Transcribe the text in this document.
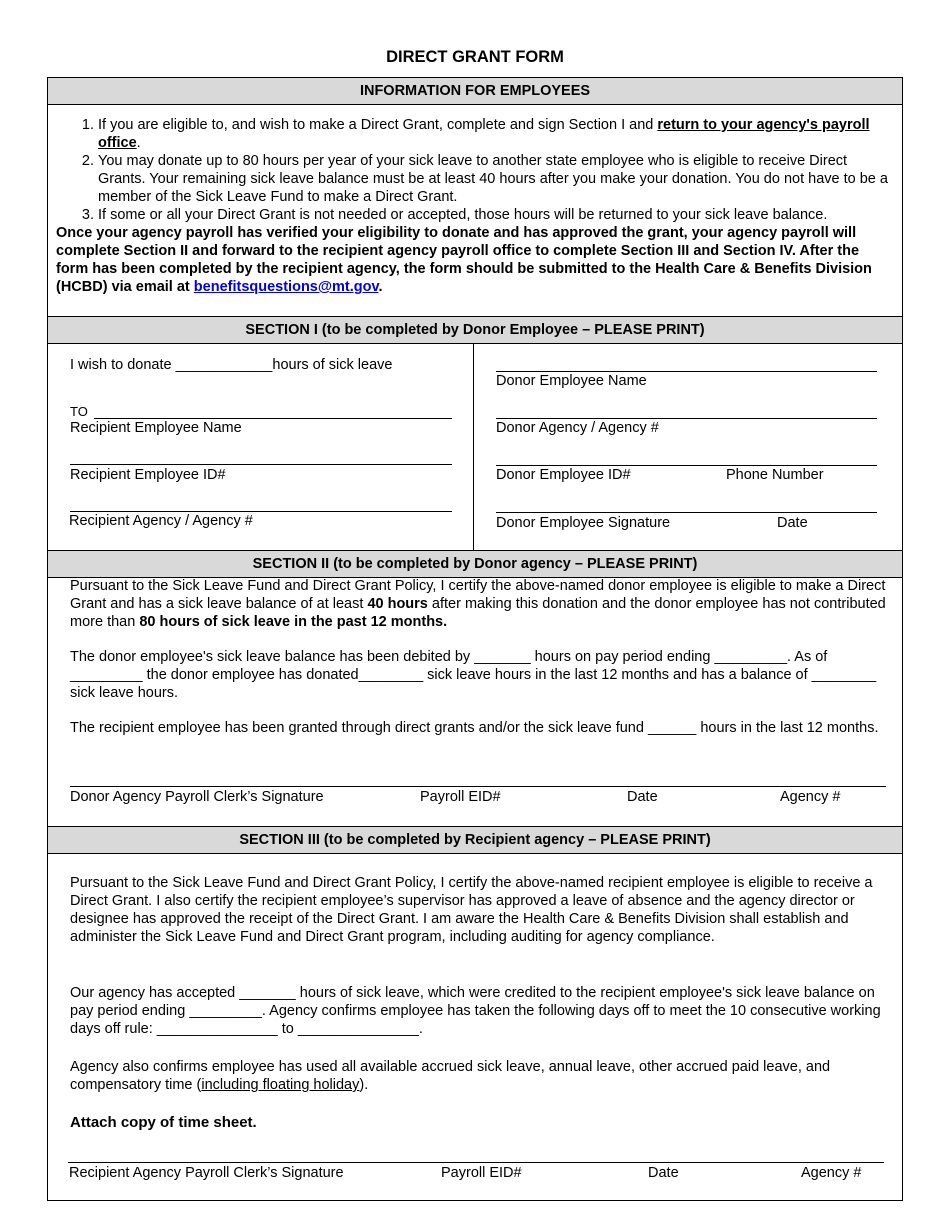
DIRECT GRANT FORM
INFORMATION FOR EMPLOYEES
1. If you are eligible to, and wish to make a Direct Grant, complete and sign Section I and return to your agency's payroll office.
2. You may donate up to 80 hours per year of your sick leave to another state employee who is eligible to receive Direct Grants. Your remaining sick leave balance must be at least 40 hours after you make your donation. You do not have to be a member of the Sick Leave Fund to make a Direct Grant.
3. If some or all your Direct Grant is not needed or accepted, those hours will be returned to your sick leave balance.
Once your agency payroll has verified your eligibility to donate and has approved the grant, your agency payroll will complete Section II and forward to the recipient agency payroll office to complete Section III and Section IV. After the form has been completed by the recipient agency, the form should be submitted to the Health Care & Benefits Division (HCBD) via email at benefitsquestions@mt.gov.
SECTION I (to be completed by Donor Employee – PLEASE PRINT)
I wish to donate ____________hours of sick leave
TO
Recipient Employee Name
Recipient Employee ID#
Recipient Agency / Agency #
Donor Employee Name
Donor Agency / Agency #
Donor Employee ID#	Phone Number
Donor Employee Signature	Date
SECTION II (to be completed by Donor agency – PLEASE PRINT)
Pursuant to the Sick Leave Fund and Direct Grant Policy, I certify the above-named donor employee is eligible to make a Direct Grant and has a sick leave balance of at least 40 hours after making this donation and the donor employee has not contributed more than 80 hours of sick leave in the past 12 months.
The donor employee's sick leave balance has been debited by _______ hours on pay period ending _________. As of _________ the donor employee has donated________ sick leave hours in the last 12 months and has a balance of ________ sick leave hours.
The recipient employee has been granted through direct grants and/or the sick leave fund ______ hours in the last 12 months.
Donor Agency Payroll Clerk’s Signature	Payroll EID#	Date	Agency #
SECTION III (to be completed by Recipient agency – PLEASE PRINT)
Pursuant to the Sick Leave Fund and Direct Grant Policy, I certify the above-named recipient employee is eligible to receive a Direct Grant. I also certify the recipient employee’s supervisor has approved a leave of absence and the agency director or designee has approved the receipt of the Direct Grant. I am aware the Health Care & Benefits Division shall establish and administer the Sick Leave Fund and Direct Grant program, including auditing for agency compliance.
Our agency has accepted _______ hours of sick leave, which were credited to the recipient employee's sick leave balance on pay period ending _________. Agency confirms employee has taken the following days off to meet the 10 consecutive working days off rule: _______________ to _______________.
Agency also confirms employee has used all available accrued sick leave, annual leave, other accrued paid leave, and compensatory time (including floating holiday).
Attach copy of time sheet.
Recipient Agency Payroll Clerk’s Signature	Payroll EID#	Date	Agency #
